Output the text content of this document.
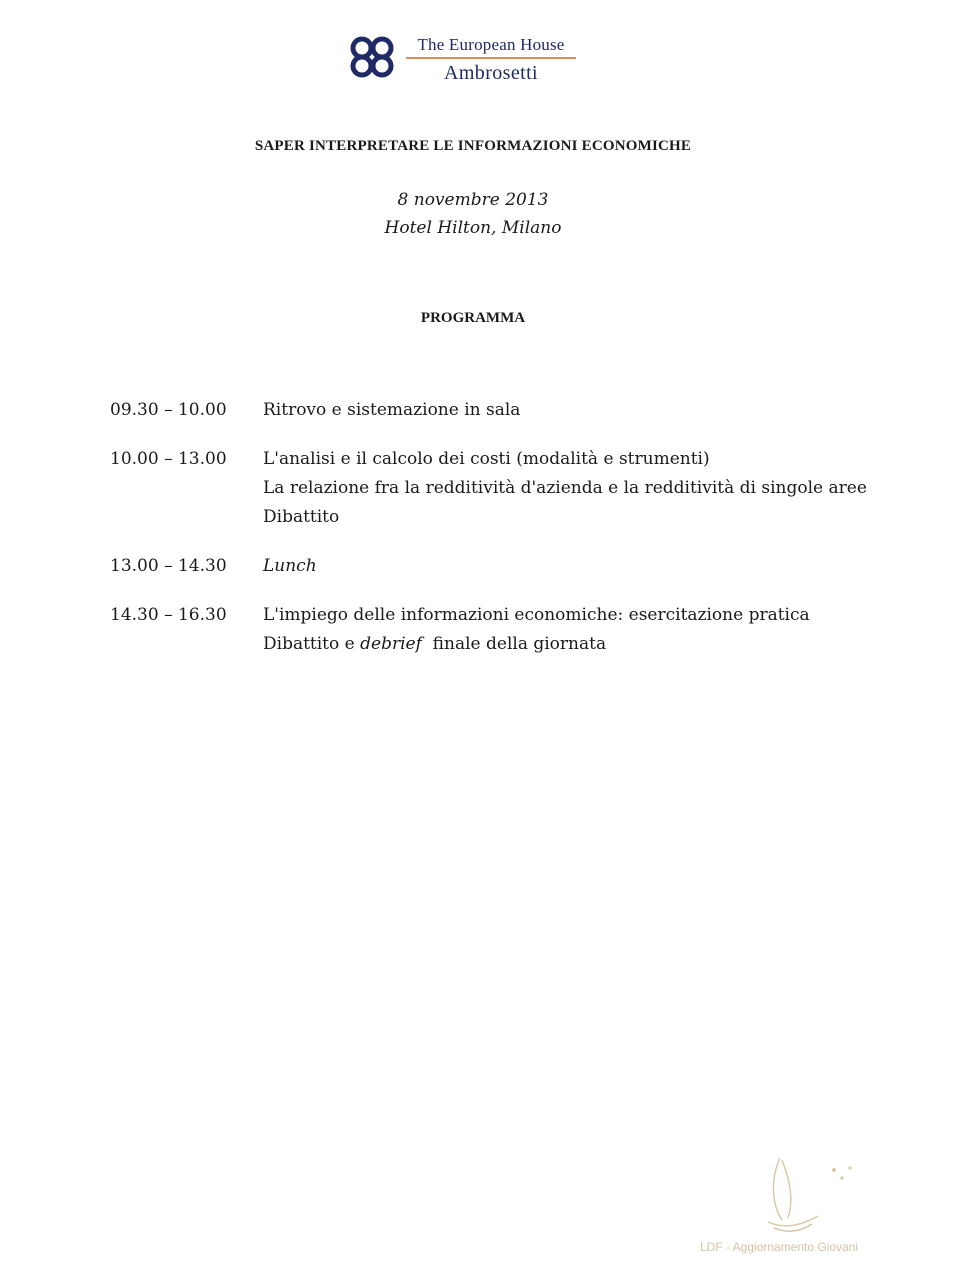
The European House
Ambrosetti
SAPER INTERPRETARE LE INFORMAZIONI ECONOMICHE
8 novembre 2013
Hotel Hilton, Milano
PROGRAMMA
09.30 – 10.00	Ritrovo e sistemazione in sala
10.00 – 13.00	L'analisi e il calcolo dei costi (modalità e strumenti)
La relazione fra la redditività d'azienda e la redditività di singole aree
Dibattito
13.00 – 14.30	Lunch
14.30 – 16.30	L'impiego delle informazioni economiche: esercitazione pratica
Dibattito e debrief  finale della giornata
LDF - Aggiornamento Giovani
